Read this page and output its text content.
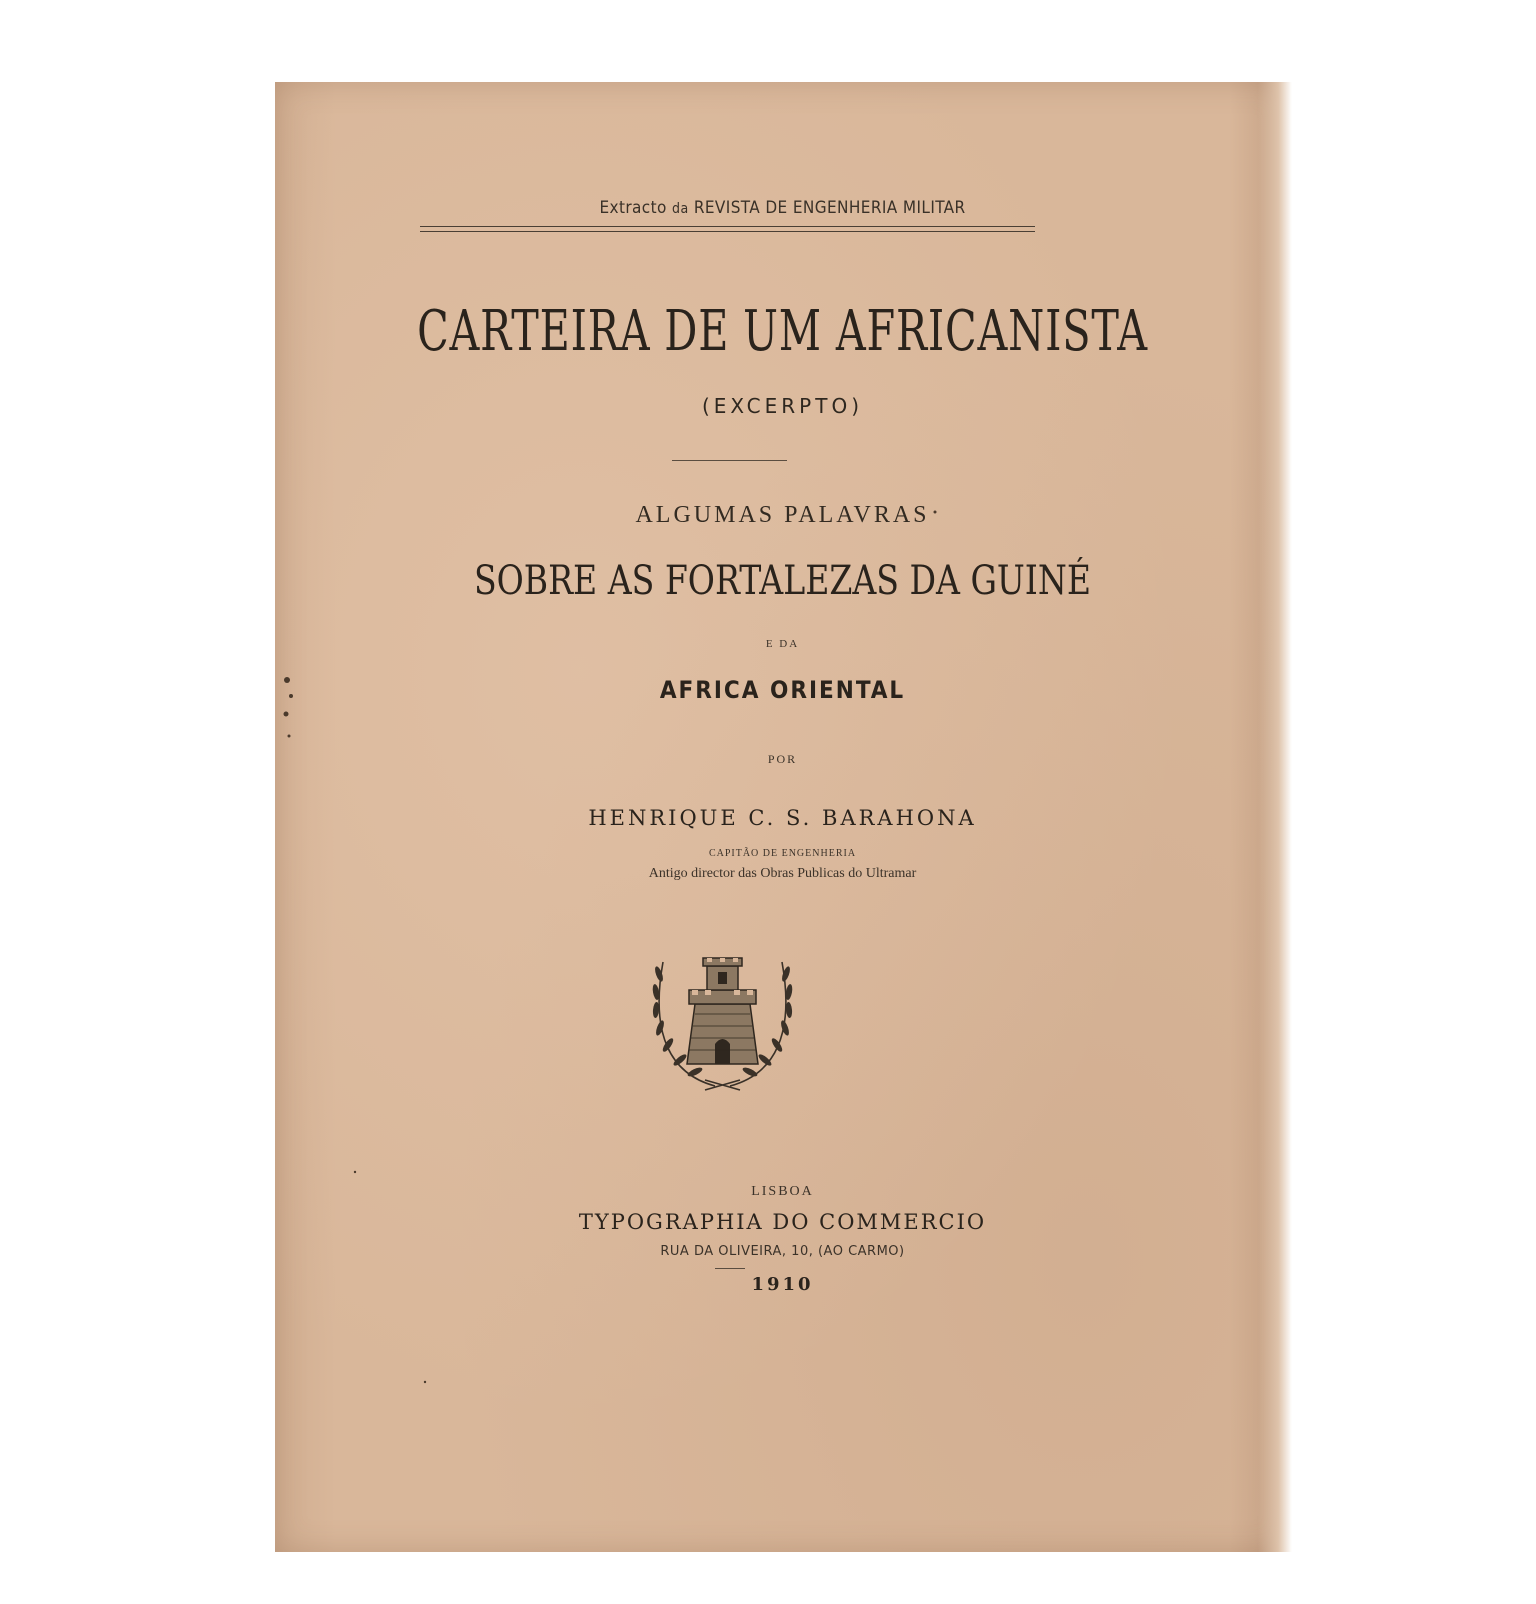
Extracto da REVISTA DE ENGENHERIA MILITAR
CARTEIRA DE UM AFRICANISTA
(EXCERPTO)
ALGUMAS PALAVRAS
SOBRE AS FORTALEZAS DA GUINÉ
E DA
AFRICA ORIENTAL
POR
HENRIQUE C. S. BARAHONA
CAPITÃO DE ENGENHERIA
Antigo director das Obras Publicas do Ultramar
LISBOA
TYPOGRAPHIA DO COMMERCIO
RUA DA OLIVEIRA, 10, (AO CARMO)
1910
